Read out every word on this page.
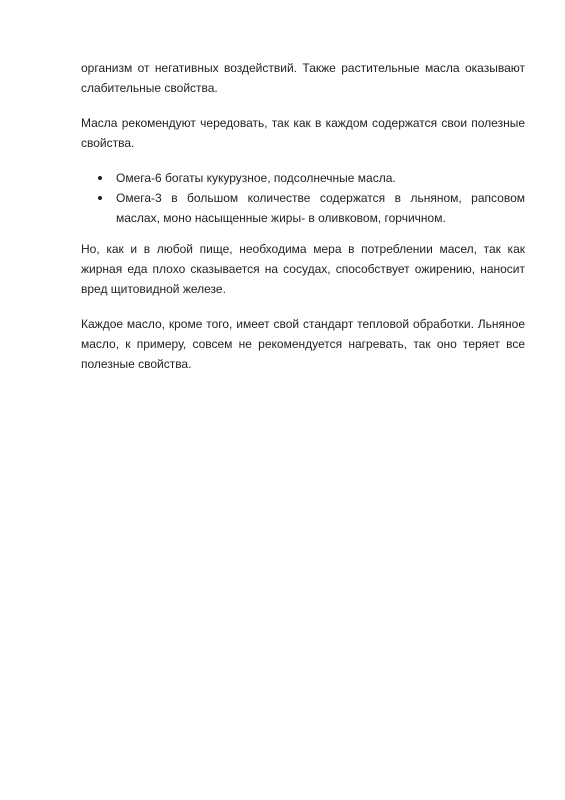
организм от негативных воздействий. Также растительные масла оказывают слабительные свойства.

Масла рекомендуют чередовать, так как в каждом содержатся свои полезные свойства.

Омега-6 богаты кукурузное, подсолнечные масла.
Омега-3 в большом количестве содержатся в льняном, рапсовом маслах, моно насыщенные жиры- в оливковом, горчичном.

Но, как и в любой пище, необходима мера в потреблении масел, так как жирная еда плохо сказывается на сосудах, способствует ожирению, наносит вред щитовидной железе.

Каждое масло, кроме того, имеет свой стандарт тепловой обработки. Льняное масло, к примеру, совсем не рекомендуется нагревать, так оно теряет все полезные свойства.
